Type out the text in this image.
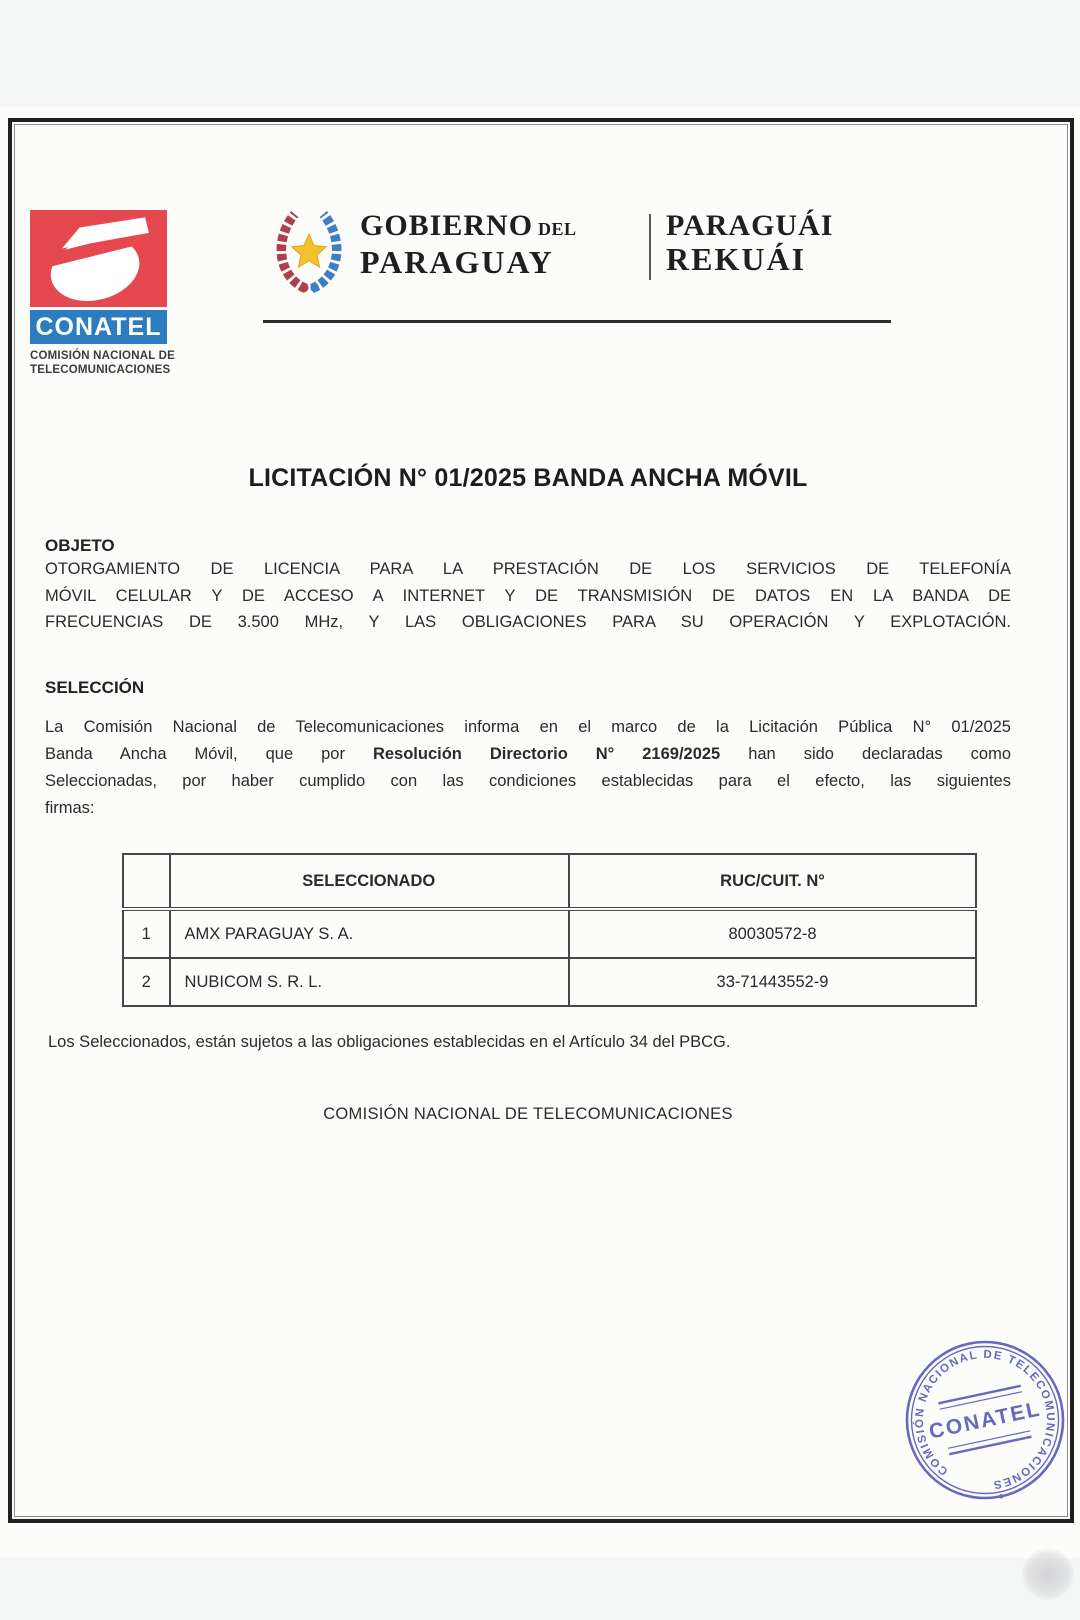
CONATEL
COMISIÓN NACIONAL DE
TELECOMUNICACIONES
GOBIERNO DEL
PARAGUAY
PARAGUÁI
REKUÁI
LICITACIÓN N° 01/2025 BANDA ANCHA MÓVIL
OBJETO
OTORGAMIENTO DE LICENCIA PARA LA PRESTACIÓN DE LOS SERVICIOS DE TELEFONÍA
MÓVIL CELULAR Y DE ACCESO A INTERNET Y DE TRANSMISIÓN DE DATOS EN LA BANDA DE
FRECUENCIAS DE 3.500 MHz, Y LAS OBLIGACIONES PARA SU OPERACIÓN Y EXPLOTACIÓN.
SELECCIÓN
La Comisión Nacional de Telecomunicaciones informa en el marco de la Licitación Pública N° 01/2025
Banda Ancha Móvil, que por Resolución Directorio N° 2169/2025 han sido declaradas como
Seleccionadas, por haber cumplido con las condiciones establecidas para el efecto, las siguientes
firmas:
	SELECCIONADO	RUC/CUIT. N°
1	AMX PARAGUAY S. A.	80030572-8
2	NUBICOM S. R. L.	33-71443552-9
Los Seleccionados, están sujetos a las obligaciones establecidas en el Artículo 34 del PBCG.
COMISIÓN NACIONAL DE TELECOMUNICACIONES
COMISIÓN NACIONAL DE TELECOMUNICACIONES
CONATEL
